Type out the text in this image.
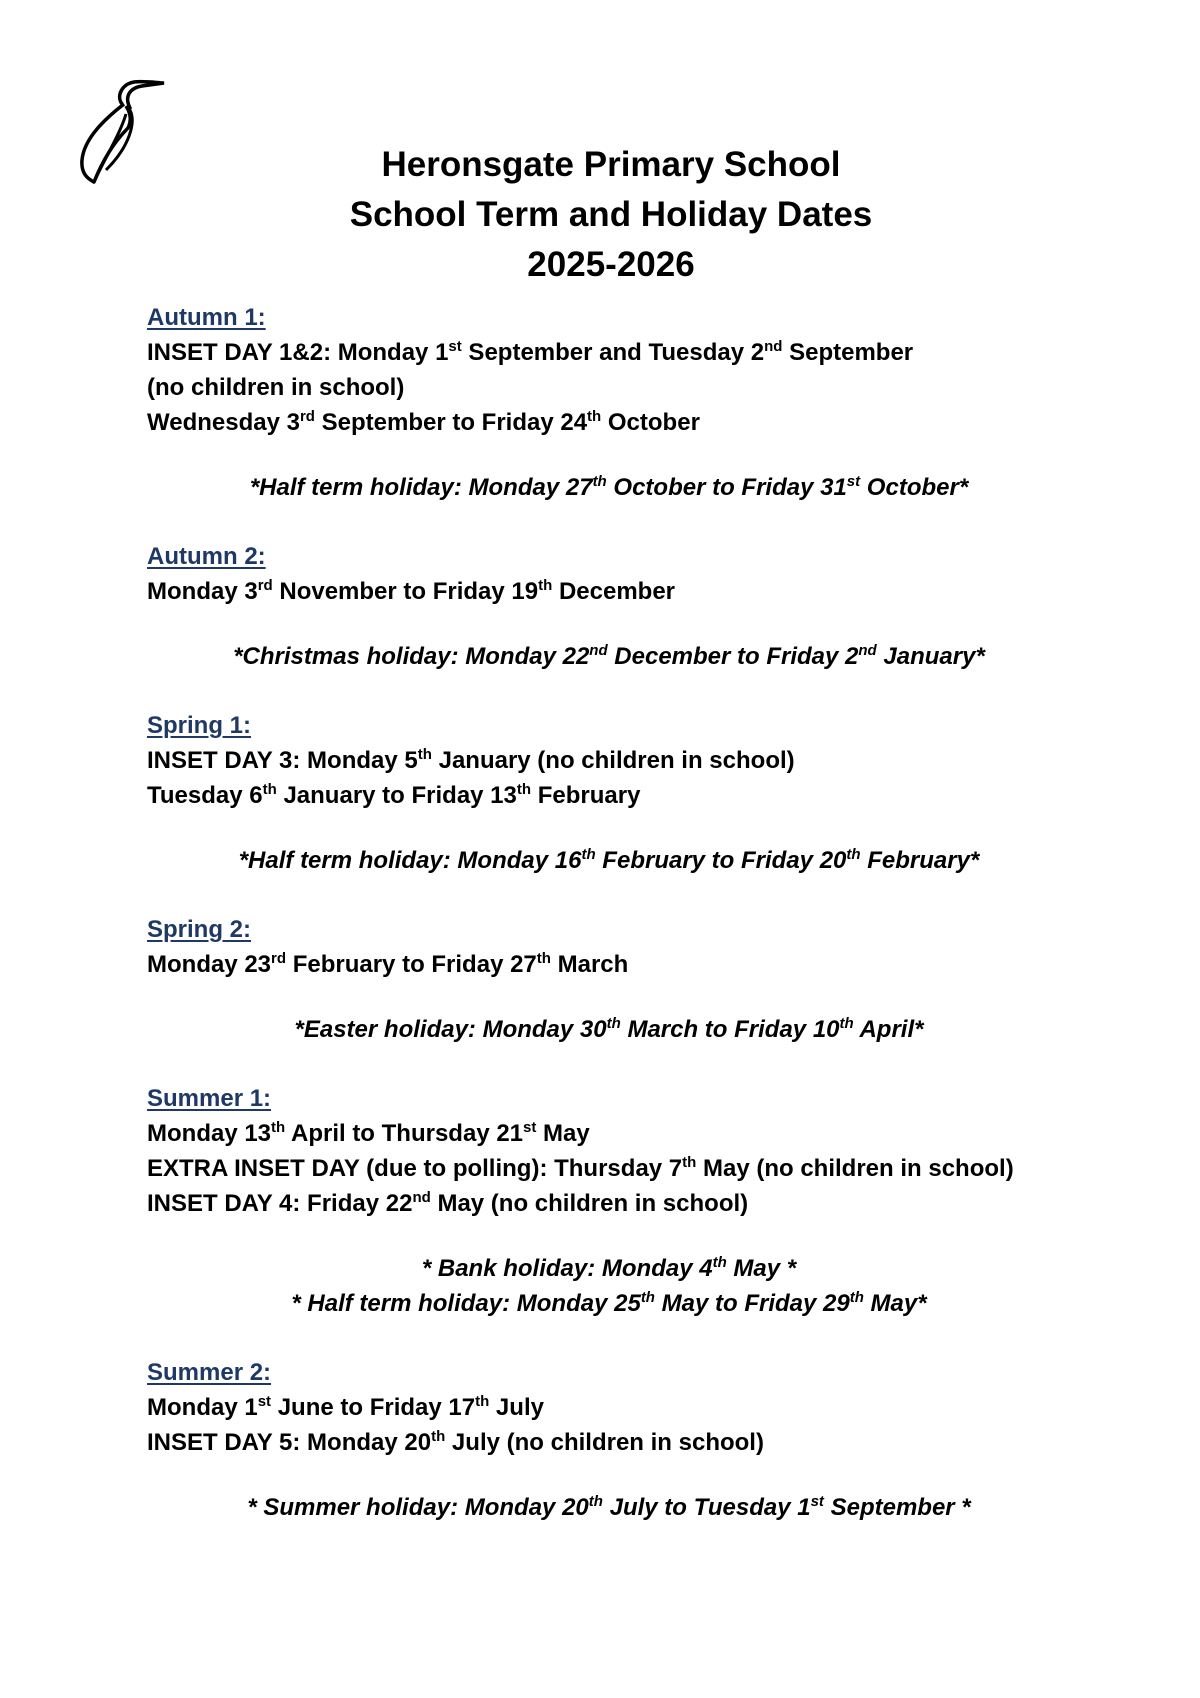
Heronsgate Primary School
School Term and Holiday Dates
2025-2026
Autumn 1:
INSET DAY 1&2: Monday 1st September and Tuesday 2nd September
(no children in school)
Wednesday 3rd September to Friday 24th October
*Half term holiday: Monday 27th October to Friday 31st October*
Autumn 2:
Monday 3rd November to Friday 19th December
*Christmas holiday: Monday 22nd December to Friday 2nd January*
Spring 1:
INSET DAY 3: Monday 5th January (no children in school)
Tuesday 6th January to Friday 13th February
*Half term holiday: Monday 16th February to Friday 20th February*
Spring 2:
Monday 23rd February to Friday 27th March
*Easter holiday: Monday 30th March to Friday 10th April*
Summer 1:
Monday 13th April to Thursday 21st May
EXTRA INSET DAY (due to polling): Thursday 7th May (no children in school)
INSET DAY 4: Friday 22nd May (no children in school)
* Bank holiday: Monday 4th May *
* Half term holiday: Monday 25th May to Friday 29th May*
Summer 2:
Monday 1st June to Friday 17th July
INSET DAY 5: Monday 20th July (no children in school)
* Summer holiday: Monday 20th July to Tuesday 1st September *
